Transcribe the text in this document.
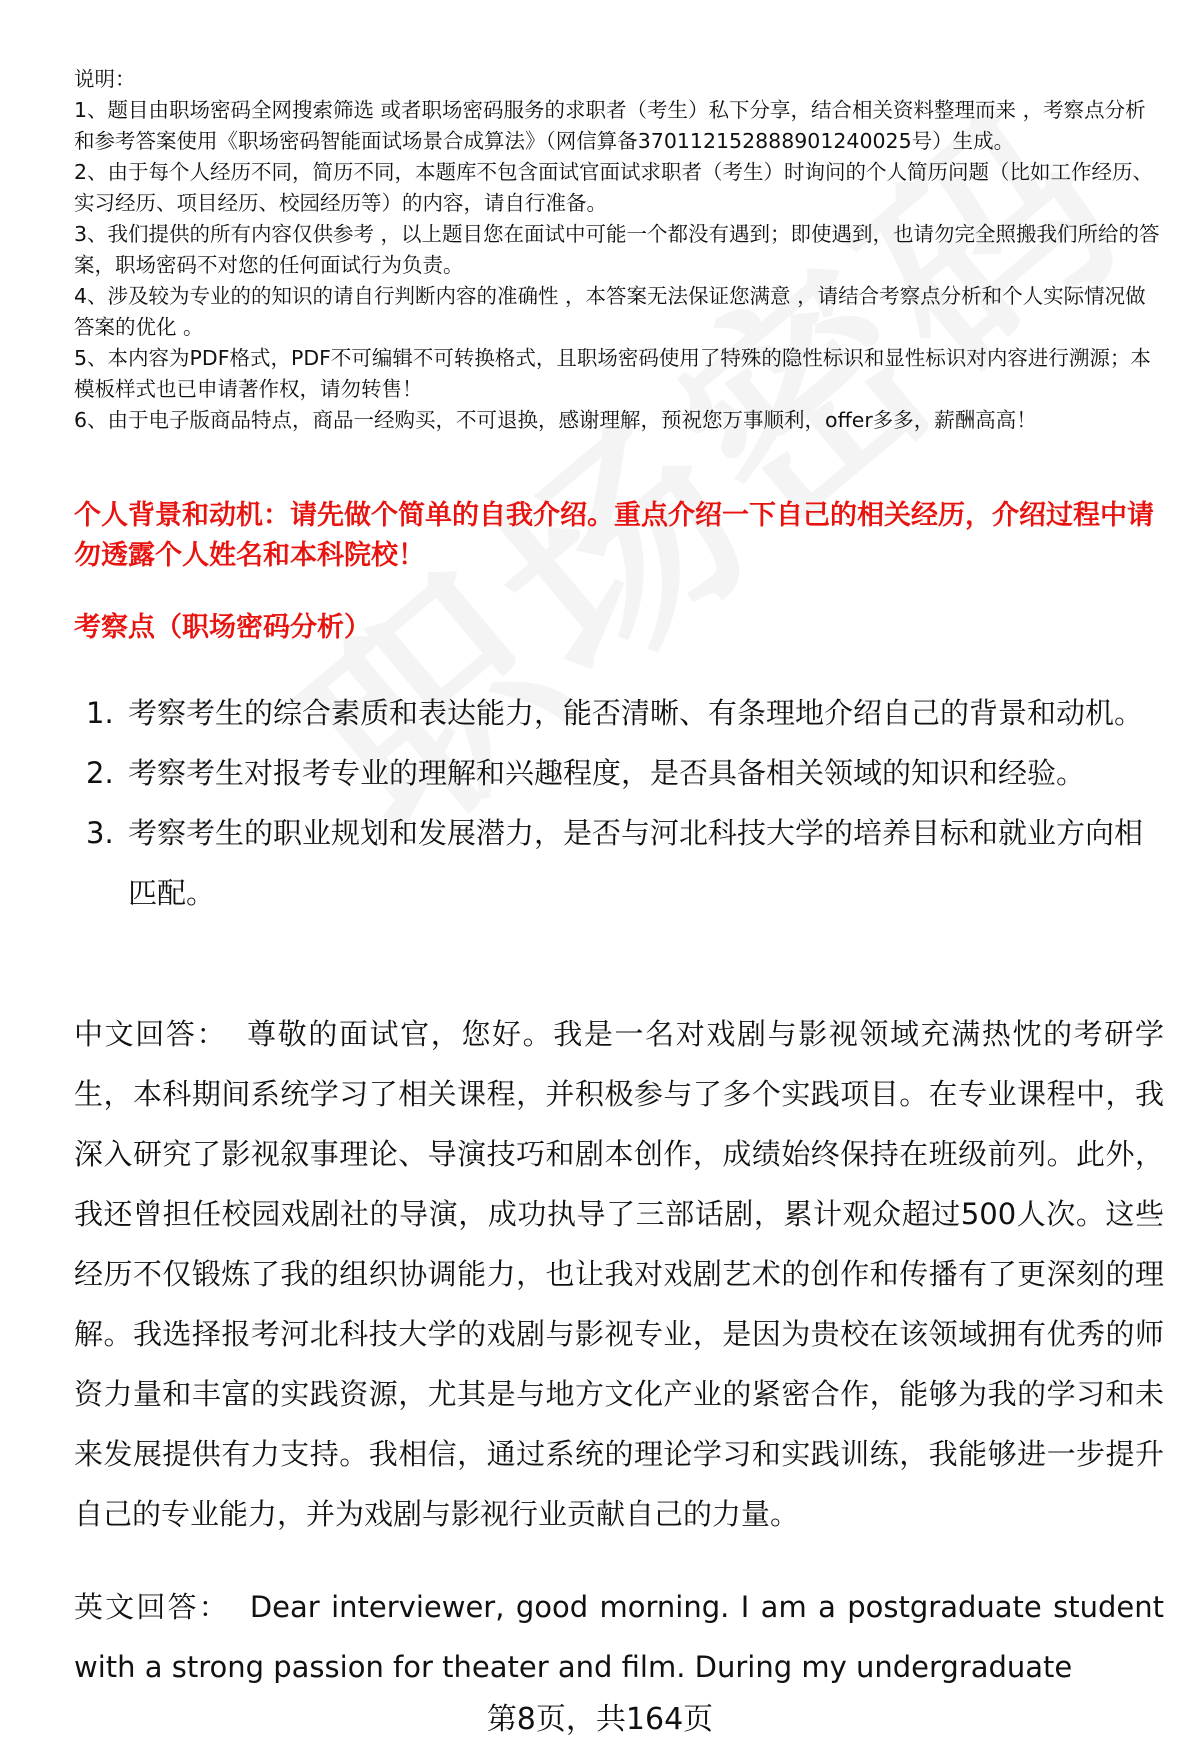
说明：

1、题目由职场密码全网搜索筛选 或者职场密码服务的求职者（考生）私下分享，结合相关资料整理而来 ，考察点分析和参考答案使用《职场密码智能面试场景合成算法》（网信算备370112152888901240025号）生成。

2、由于每个人经历不同，简历不同，本题库不包含面试官面试求职者（考生）时询问的个人简历问题（比如工作经历、实习经历、项目经历、校园经历等）的内容，请自行准备。

3、我们提供的所有内容仅供参考 ，以上题目您在面试中可能一个都没有遇到；即使遇到，也请勿完全照搬我们所给的答案，职场密码不对您的任何面试行为负责。

4、涉及较为专业的的知识的请自行判断内容的准确性 ，本答案无法保证您满意 ，请结合考察点分析和个人实际情况做答案的优化 。

5、本内容为PDF格式，PDF不可编辑不可转换格式，且职场密码使用了特殊的隐性标识和显性标识对内容进行溯源；本模板样式也已申请著作权，请勿转售！

6、由于电子版商品特点，商品一经购买，不可退换，感谢理解，预祝您万事顺利，offer多多，薪酬高高！

个人背景和动机：请先做个简单的自我介绍。重点介绍一下自己的相关经历，介绍过程中请勿透露个人姓名和本科院校！
考察点（职场密码分析）
1. 考察考生的综合素质和表达能力，能否清晰、有条理地介绍自己的背景和动机。
2. 考察考生对报考专业的理解和兴趣程度，是否具备相关领域的知识和经验。
3. 考察考生的职业规划和发展潜力，是否与河北科技大学的培养目标和就业方向相匹配。

中文回答： 尊敬的面试官，您好。我是一名对戏剧与影视领域充满热忱的考研学生，本科期间系统学习了相关课程，并积极参与了多个实践项目。在专业课程中，我深入研究了影视叙事理论、导演技巧和剧本创作，成绩始终保持在班级前列。此外，我还曾担任校园戏剧社的导演，成功执导了三部话剧，累计观众超过500人次。这些经历不仅锻炼了我的组织协调能力，也让我对戏剧艺术的创作和传播有了更深刻的理解。我选择报考河北科技大学的戏剧与影视专业，是因为贵校在该领域拥有优秀的师资力量和丰富的实践资源，尤其是与地方文化产业的紧密合作，能够为我的学习和未来发展提供有力支持。我相信，通过系统的理论学习和实践训练，我能够进一步提升自己的专业能力，并为戏剧与影视行业贡献自己的力量。

英文回答： Dear interviewer, good morning. I am a postgraduate student with a strong passion for theater and film. During my undergraduate

第8页，共164页
